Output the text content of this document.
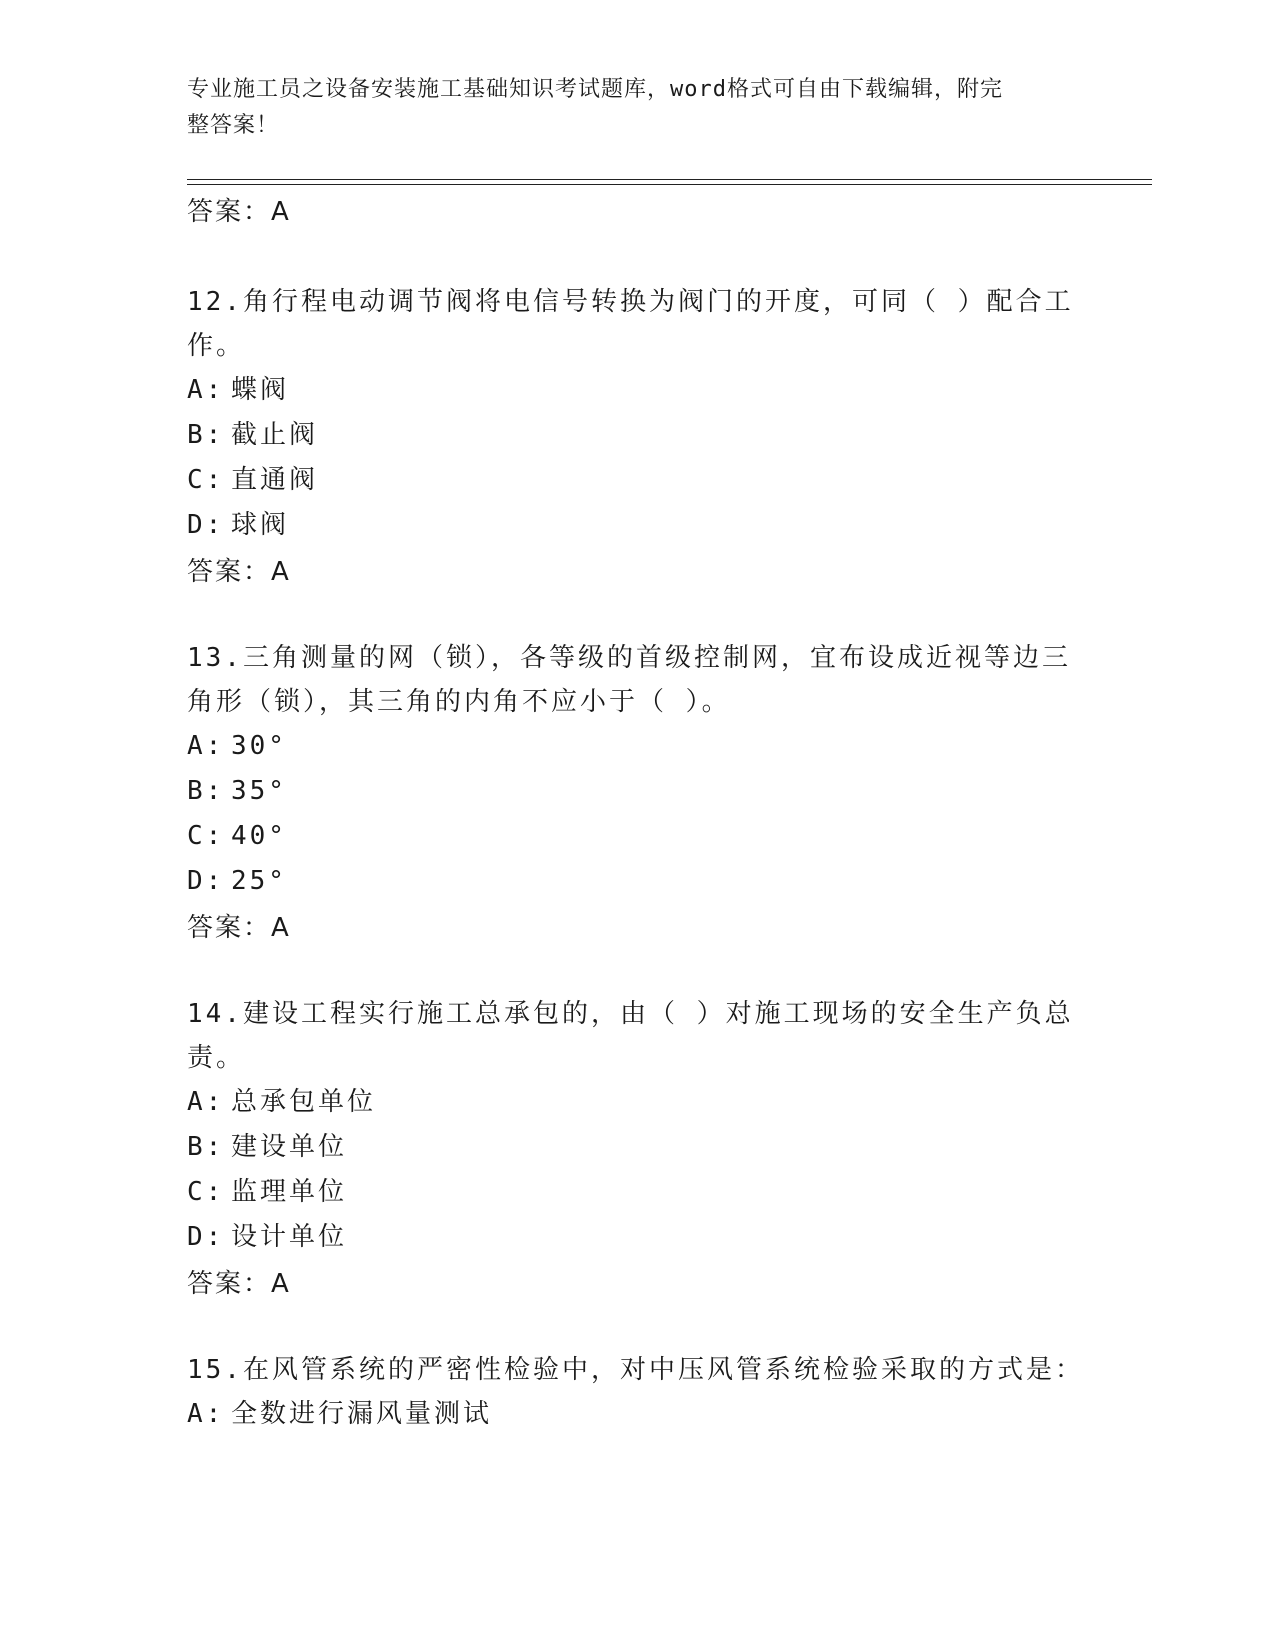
专业施工员之设备安装施工基础知识考试题库，word格式可自由下载编辑，附完
整答案！

答案：A

12.角行程电动调节阀将电信号转换为阀门的开度，可同（ ）配合工

作。

A: 蝶阀

B: 截止阀

C: 直通阀

D: 球阀

答案：A

13.三角测量的网（锁），各等级的首级控制网，宜布设成近视等边三

角形（锁），其三角的内角不应小于（ ）。

A: 30°

B: 35°

C: 40°

D: 25°

答案：A

14.建设工程实行施工总承包的，由（ ）对施工现场的安全生产负总

责。

A: 总承包单位

B: 建设单位

C: 监理单位

D: 设计单位

答案：A

15.在风管系统的严密性检验中，对中压风管系统检验采取的方式是：

A: 全数进行漏风量测试
